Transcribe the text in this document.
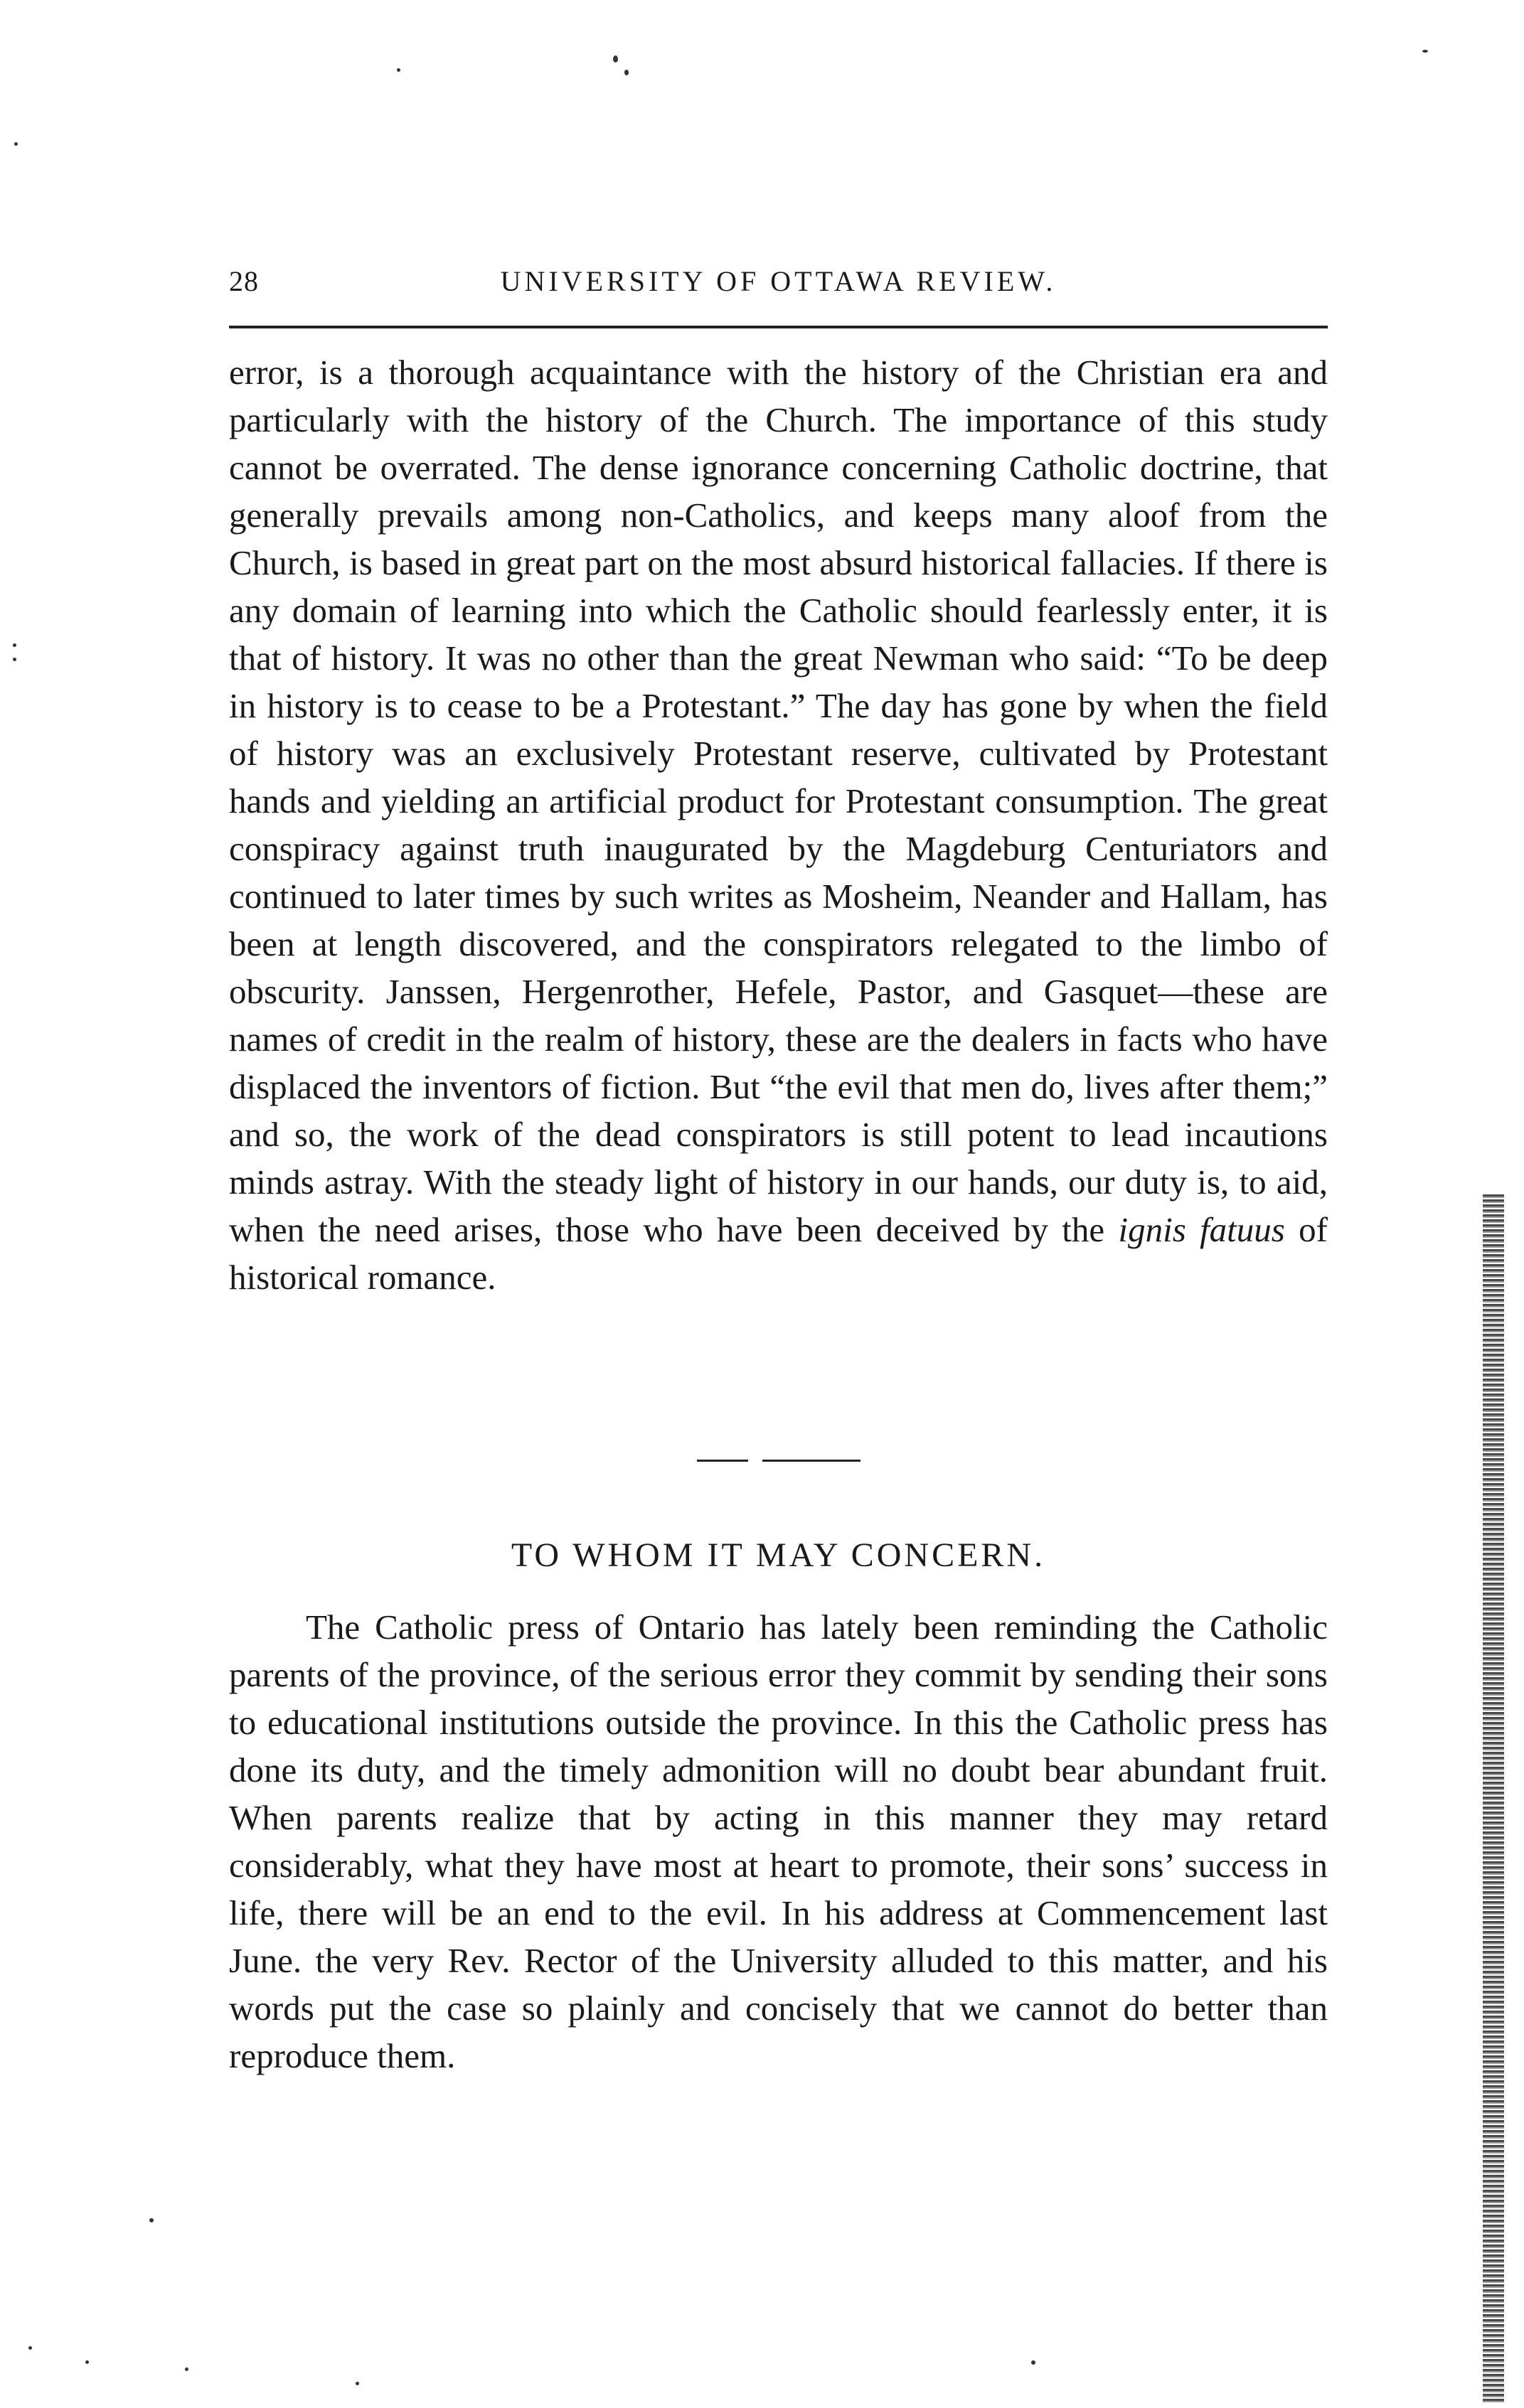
28	UNIVERSITY OF OTTAWA REVIEW.

error, is a thorough acquaintance with the history of the Christian era and particularly with the history of the Church. The importance of this study cannot be overrated. The dense ignorance concerning Catholic doctrine, that generally prevails among non-Catholics, and keeps many aloof from the Church, is based in great part on the most absurd historical fallacies. If there is any domain of learning into which the Catholic should fearlessly enter, it is that of history. It was no other than the great Newman who said: “To be deep in history is to cease to be a Protestant.” The day has gone by when the field of history was an exclusively Protestant reserve, cultivated by Protestant hands and yielding an artificial product for Protestant consumption. The great conspiracy against truth inaugurated by the Magdeburg Centuriators and continued to later times by such writes as Mosheim, Neander and Hallam, has been at length discovered, and the conspirators relegated to the limbo of obscurity. Janssen, Hergenrother, Hefele, Pastor, and Gasquet—these are names of credit in the realm of history, these are the dealers in facts who have displaced the inventors of fiction. But “the evil that men do, lives after them;” and so, the work of the dead conspirators is still potent to lead incautions minds astray. With the steady light of history in our hands, our duty is, to aid, when the need arises, those who have been deceived by the ignis fatuus of historical romance.

TO WHOM IT MAY CONCERN.

The Catholic press of Ontario has lately been reminding the Catholic parents of the province, of the serious error they commit by sending their sons to educational institutions outside the province. In this the Catholic press has done its duty, and the timely admonition will no doubt bear abundant fruit. When parents realize that by acting in this manner they may retard considerably, what they have most at heart to promote, their sons’ success in life, there will be an end to the evil. In his address at Commencement last June. the very Rev. Rector of the University alluded to this matter, and his words put the case so plainly and concisely that we cannot do better than reproduce them.
